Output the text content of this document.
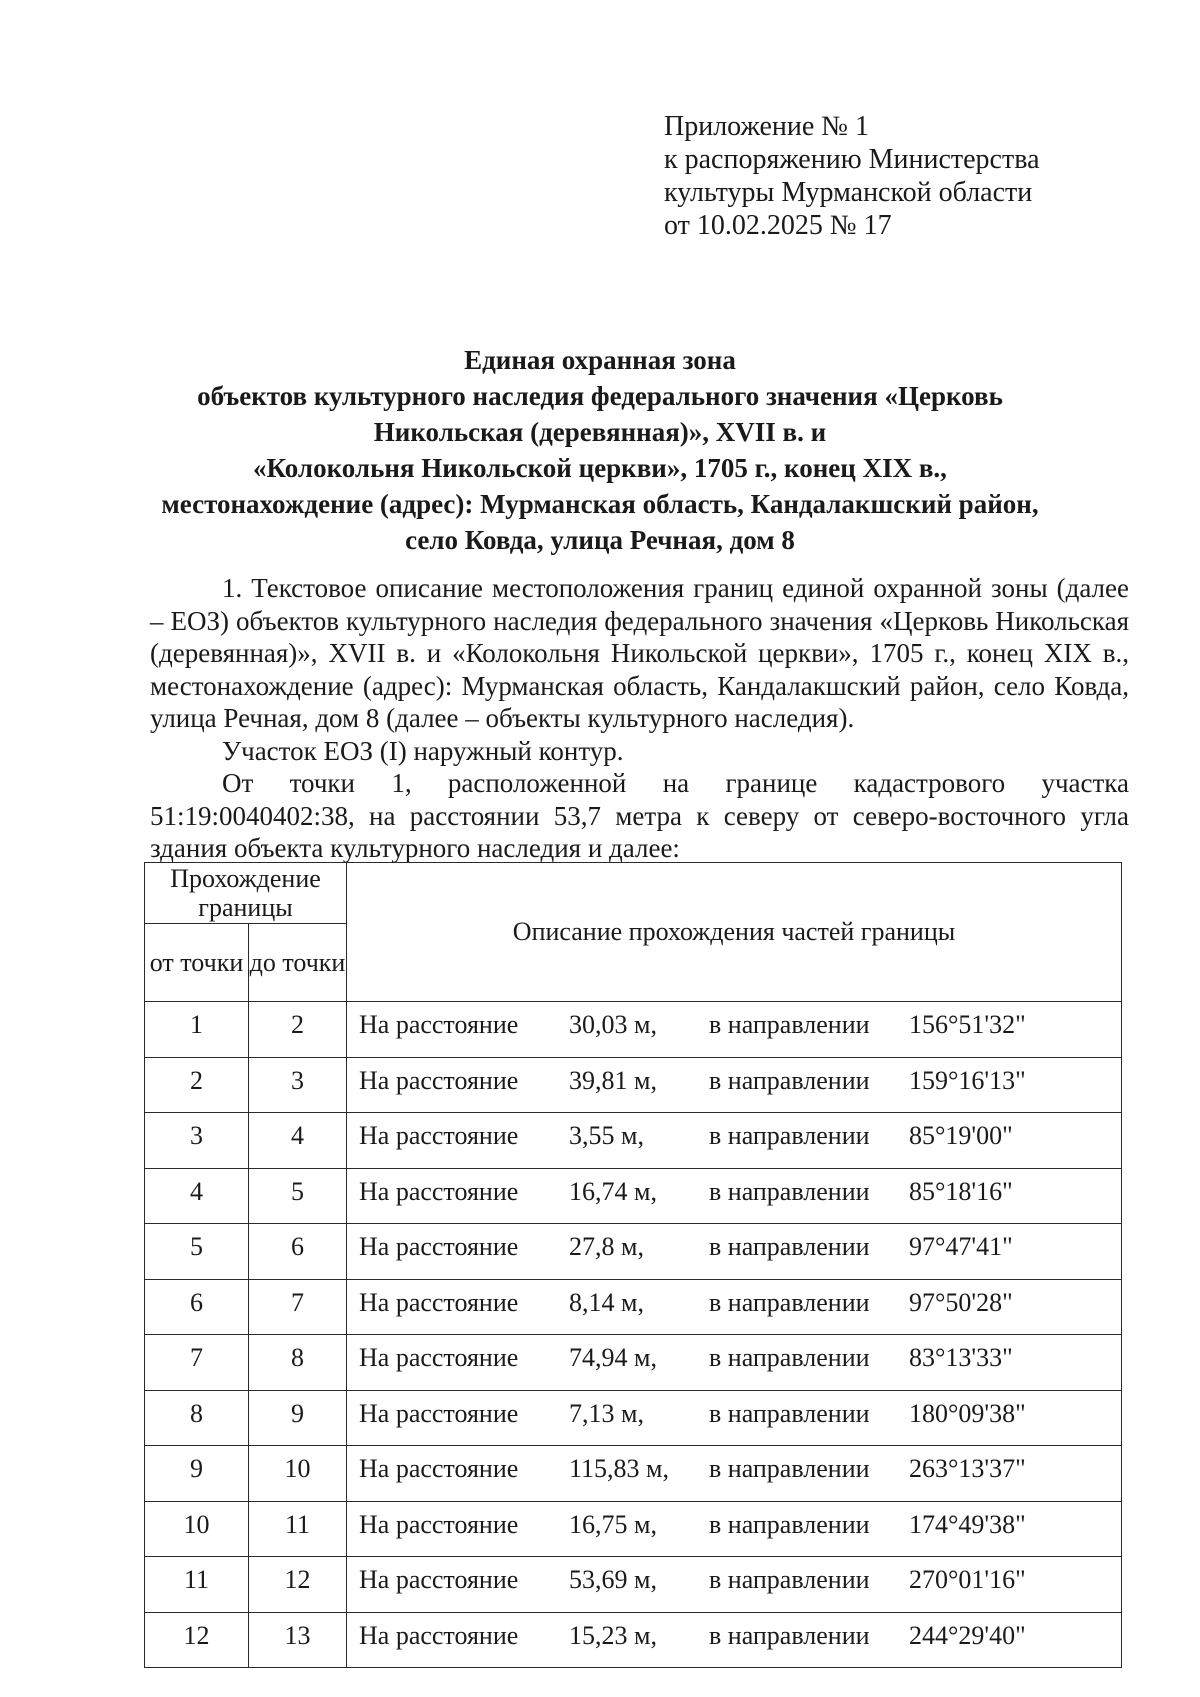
Приложение № 1
к распоряжению Министерства
культуры Мурманской области
от 10.02.2025 № 17
Единая охранная зона
объектов культурного наследия федерального значения «Церковь
Никольская (деревянная)», XVII в. и
«Колокольня Никольской церкви», 1705 г., конец XIX в.,
местонахождение (адрес): Мурманская область, Кандалакшский район,
село Ковда, улица Речная, дом 8

1. Текстовое описание местоположения границ единой охранной зоны (далее – ЕОЗ) объектов культурного наследия федерального значения «Церковь Никольская (деревянная)», XVII в. и «Колокольня Никольской церкви», 1705 г., конец XIX в., местонахождение (адрес): Мурманская область, Кандалакшский район, село Ковда, улица Речная, дом 8 (далее – объекты культурного наследия).

Участок ЕОЗ (I) наружный контур.

От точки 1, расположенной на границе кадастрового участка

51:19:0040402:38, на расстоянии 53,7 метра к северу от северо-восточного угла здания объекта культурного наследия и далее:

Прохождение границы		Описание прохождения частей границы
от точки	до точки	
1	2	На расстояние 30,03 м, в направлении 156°51'32"

2	3	На расстояние 39,81 м, в направлении 159°16'13"

3	4	На расстояние 3,55 м, в направлении 85°19'00"

4	5	На расстояние 16,74 м, в направлении 85°18'16"

5	6	На расстояние 27,8 м, в направлении 97°47'41"

6	7	На расстояние 8,14 м, в направлении 97°50'28"

7	8	На расстояние 74,94 м, в направлении 83°13'33"

8	9	На расстояние 7,13 м, в направлении 180°09'38"

9	10	На расстояние 115,83 м, в направлении 263°13'37"

10	11	На расстояние 16,75 м, в направлении 174°49'38"

11	12	На расстояние 53,69 м, в направлении 270°01'16"

12	13	На расстояние 15,23 м, в направлении 244°29'40"
